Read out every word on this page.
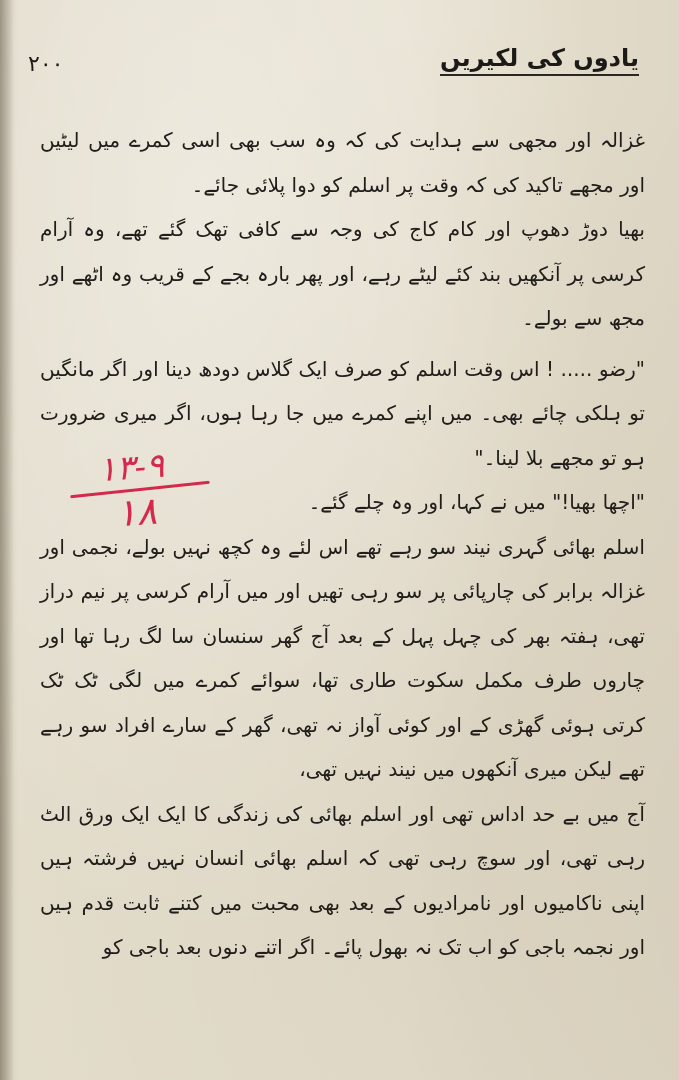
۲۰۰	یادوں کی لکیریں

غزالہ اور مجھی سے ہدایت کی کہ وہ سب بھی اسی کمرے میں لیٹیں اور مجھے تاکید کی کہ وقت پر اسلم کو دوا پلائی جائے۔

بھیا دوڑ دھوپ اور کام کاج کی وجہ سے کافی تھک گئے تھے، وہ آرام کرسی پر آنکھیں بند کئے لیٹے رہے، اور پھر بارہ بجے کے قریب وہ اٹھے اور مجھ سے بولے۔

"رضو ..... ! اس وقت اسلم کو صرف ایک گلاس دودھ دینا اور اگر مانگیں تو ہلکی چائے بھی۔ میں اپنے کمرے میں جا رہا ہوں، اگر میری ضرورت ہو تو مجھے بلا لینا۔"

"اچھا بھیا!" میں نے کہا، اور وہ چلے گئے۔

اسلم بھائی گہری نیند سو رہے تھے اس لئے وہ کچھ نہیں بولے، نجمی اور غزالہ برابر کی چارپائی پر سو رہی تھیں اور میں آرام کرسی پر نیم دراز تھی، ہفتہ بھر کی چہل پہل کے بعد آج گھر سنسان سا لگ رہا تھا اور چاروں طرف مکمل سکوت طاری تھا، سوائے کمرے میں لگی ٹک ٹک کرتی ہوئی گھڑی کے اور کوئی آواز نہ تھی، گھر کے سارے افراد سو رہے تھے لیکن میری آنکھوں میں نیند نہیں تھی،

آج میں بے حد اداس تھی اور اسلم بھائی کی زندگی کا ایک ایک ورق الٹ رہی تھی، اور سوچ رہی تھی کہ اسلم بھائی انسان نہیں فرشتہ ہیں اپنی ناکامیوں اور نامرادیوں کے بعد بھی محبت میں کتنے ثابت قدم ہیں اور نجمہ باجی کو اب تک نہ بھول پائے۔ اگر اتنے دنوں بعد باجی کو

۱۳-۹
۱۸
